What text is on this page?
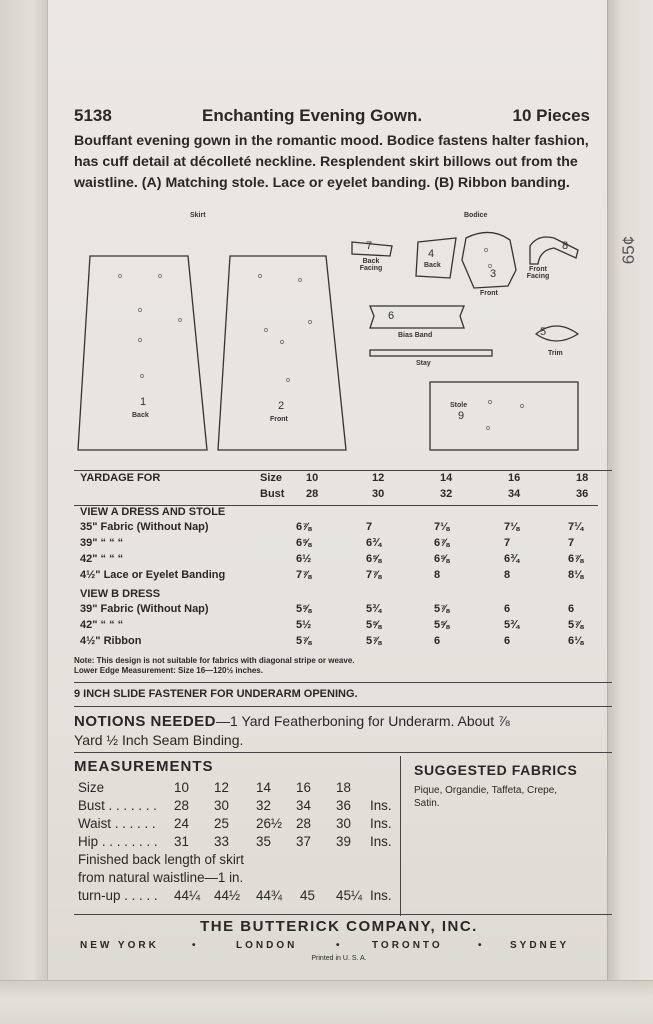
65¢
5138	Enchanting Evening Gown.	10 Pieces
Bouffant evening gown in the romantic mood. Bodice fastens halter fashion,
has cuff detail at décolleté neckline. Resplendent skirt billows out from the
waistline. (A) Matching stole. Lace or eyelet banding. (B) Ribbon banding.
Skirt	Bodice
1
Back
2
Front
7
Back Facing
4
Back
3
Front
8
Front Facing
6
Bias Band	5
Trim
Stay
Stole
9
YARDAGE FOR	Size 10	12	14	16	18
Bust 28	30	32	34	36
VIEW A DRESS AND STOLE
35" Fabric (Without Nap)	6⅞	7	7⅛	7⅛	7¼
39" “ “ “	6⅝	6¾	6⅞	7	7
42" “ “ “	6½	6⅝	6⅝	6¾	6⅞
4½" Lace or Eyelet Banding	7⅞	7⅞	8	8	8⅛
VIEW B DRESS
39" Fabric (Without Nap)	5⅝	5¾	5⅞	6	6
42" “ “ “	5½	5⅝	5⅝	5¾	5⅞
4½" Ribbon	5⅞	5⅞	6	6	6⅛
Note: This design is not suitable for fabrics with diagonal stripe or weave.
Lower Edge Measurement: Size 16—120½ inches.
9 INCH SLIDE FASTENER FOR UNDERARM OPENING.
NOTIONS NEEDED—1 Yard Featherboning for Underarm. About ⅞
Yard ½ Inch Seam Binding.
MEASUREMENTS
Size	10 12 14 16 18
Bust . . . . . . . 28 30 32 34 36 Ins.
Waist . . . . . . 24 25 26½ 28 30 Ins.
Hip . . . . . . . . 31 33 35 37 39 Ins.
Finished back length of skirt
from natural waistline—1 in.
turn-up . . . . . 44¼ 44½ 44¾ 45 45¼ Ins.
SUGGESTED FABRICS
Pique, Organdie, Taffeta, Crepe,
Satin.
THE BUTTERICK COMPANY, INC.
NEW YORK	•	LONDON	•	TORONTO	•	SYDNEY
Printed in U. S. A.
